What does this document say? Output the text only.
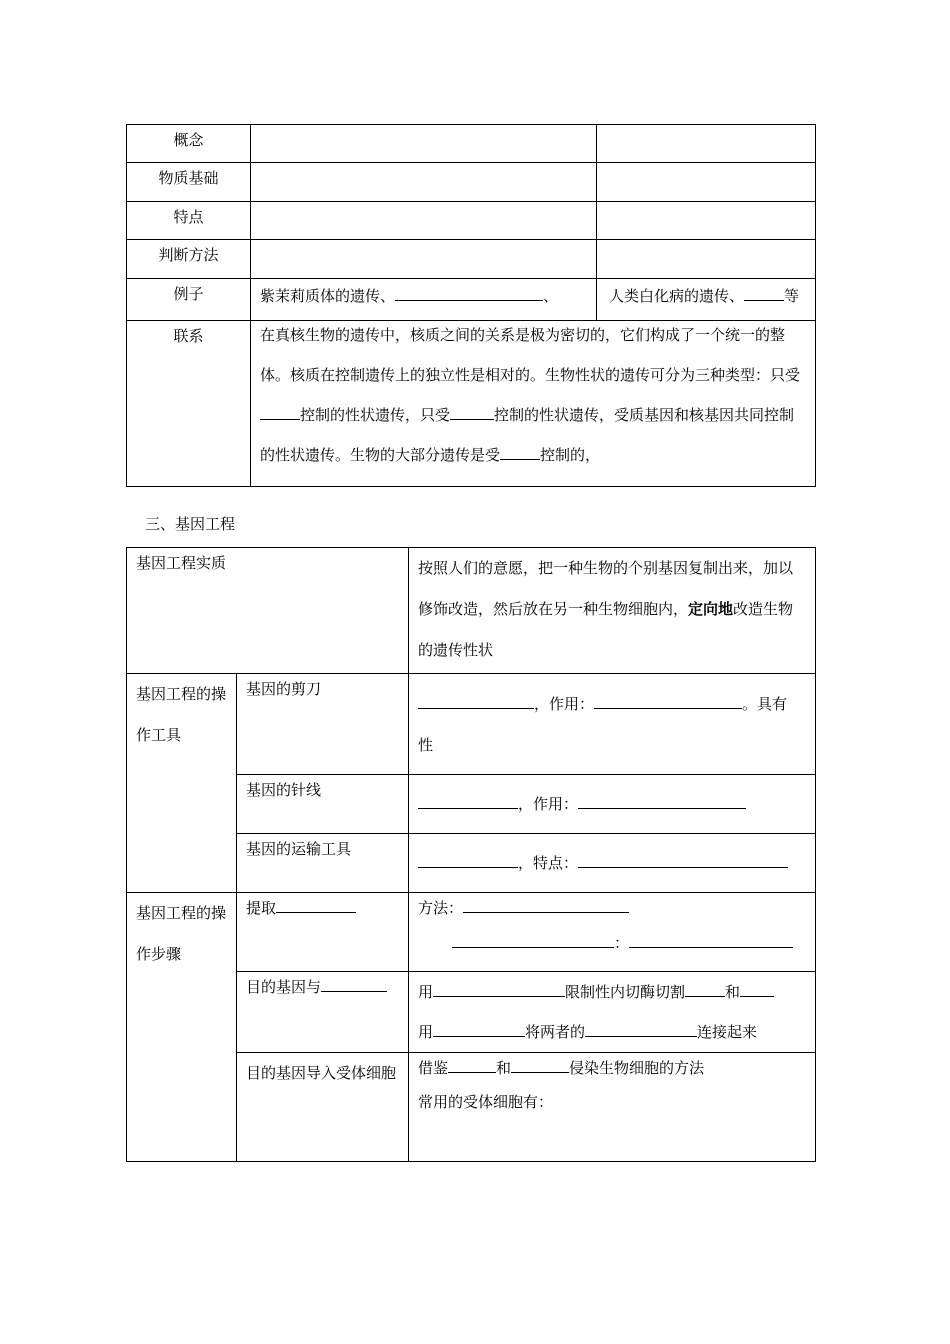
概念		
物质基础		
特点		
判断方法		
例子	紫茉莉质体的遗传、 、	人类白化病的遗传、 等
联系	在真核生物的遗传中，核质之间的关系是极为密切的，它们构成了一个统一的整体。核质在控制遗传上的独立性是相对的。生物性状的遗传可分为三种类型：只受控制的性状遗传，只受 控制的性状遗传，受质基因和核基因共同控制的性状遗传。生物的大部分遗传是受 控制的，	
三、基因工程
基因工程实质		按照人们的意愿，把一种生物的个别基因复制出来，加以修饰改造，然后放在另一种生物细胞内，定向地改造生物的遗传性状
基因工程的操作工具	基因的剪刀	，作用： 。具有
性
	基因的针线	，作用：
	基因的运输工具	，特点：
基因工程的操作步骤	提取	方法：
：

	目的基因与	用 限制性内切酶切割 和
用 将两者的 连接起来
	目的基因导入受体细胞	借鉴 和 侵染生物细胞的方法
常用的受体细胞有：
